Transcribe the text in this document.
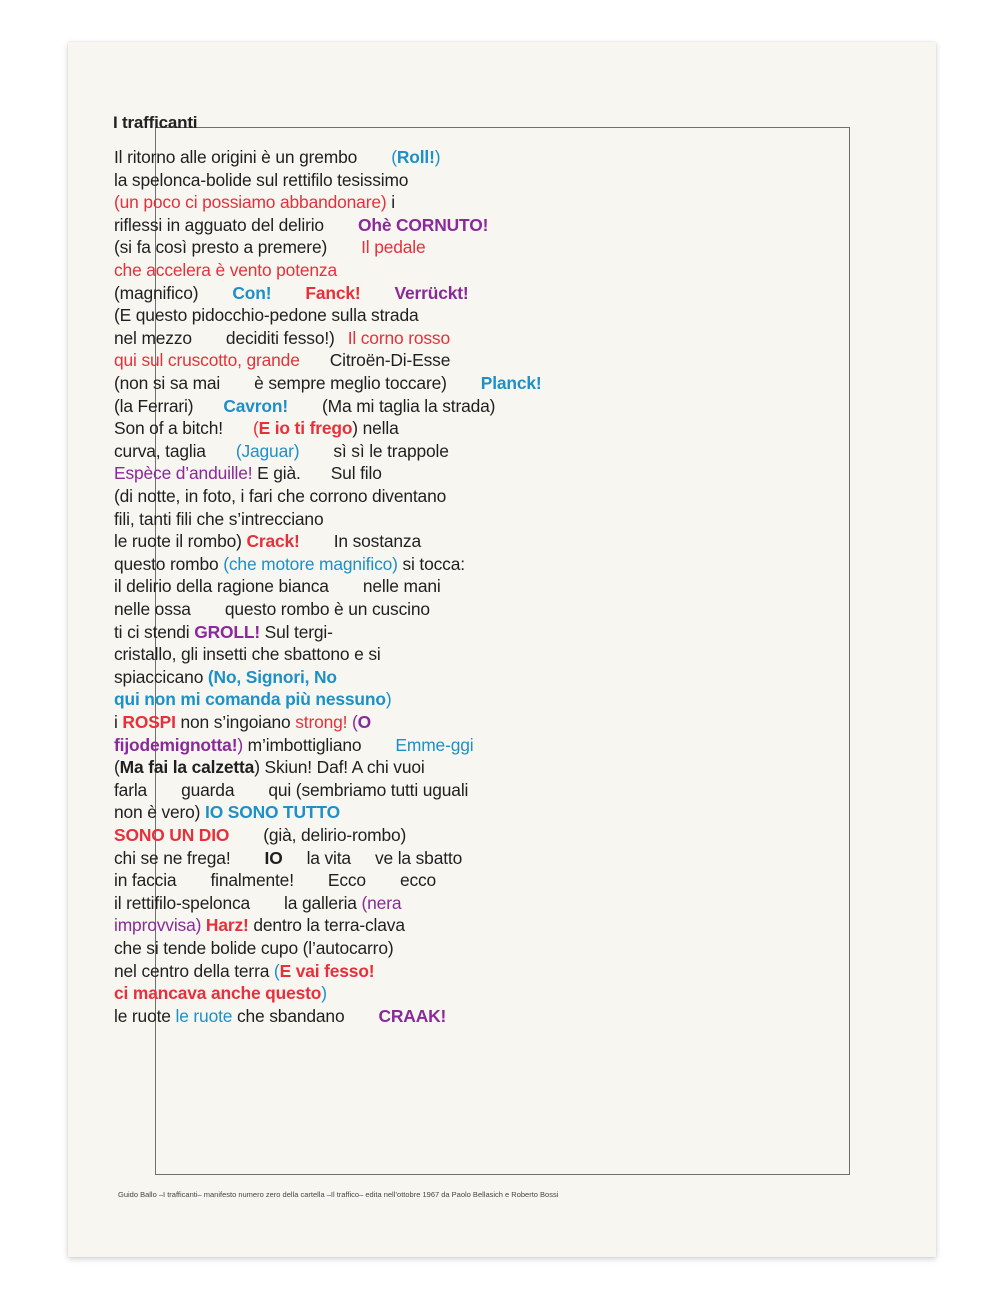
I trafficanti
Il ritorno alle origini è un grembo (Roll!)
la spelonca-bolide sul rettifilo tesissimo
(un poco ci possiamo abbandonare) i
riflessi in agguato del delirio Ohè CORNUTO!
(si fa così presto a premere) Il pedale
che accelera è vento potenza
(magnifico) Con! Fanck! Verrückt!
(E questo pidocchio-pedone sulla strada
nel mezzo deciditi fesso!) Il corno rosso
qui sul cruscotto, grande Citroën-Di-Esse
(non si sa mai è sempre meglio toccare) Planck!
(la Ferrari) Cavron! (Ma mi taglia la strada)
Son of a bitch! (E io ti frego) nella
curva, taglia (Jaguar) sì sì le trappole
Espèce d’anduille! E già. Sul filo
(di notte, in foto, i fari che corrono diventano
fili, tanti fili che s’intrecciano
le ruote il rombo) Crack! In sostanza
questo rombo (che motore magnifico) si tocca:
il delirio della ragione bianca nelle mani
nelle ossa questo rombo è un cuscino
ti ci stendi GROLL! Sul tergi-
cristallo, gli insetti che sbattono e si
spiaccicano (No, Signori, No
qui non mi comanda più nessuno)
i ROSPI non s’ingoiano strong! (O
fijodemignotta!) m’imbottigliano Emme-ggi
(Ma fai la calzetta) Skiun! Daf! A chi vuoi
farla guarda qui (sembriamo tutti uguali
non è vero) IO SONO TUTTO
SONO UN DIO (già, delirio-rombo)
chi se ne frega! IO la vita ve la sbatto
in faccia finalmente! Ecco ecco
il rettifilo-spelonca la galleria (nera
improvvisa) Harz! dentro la terra-clava
che si tende bolide cupo (l’autocarro)
nel centro della terra (E vai fesso!
ci mancava anche questo)
le ruote le ruote che sbandano CRAAK!
Guido Ballo –I trafficanti– manifesto numero zero della cartella –Il traffico– edita nell’ottobre 1967 da Paolo Bellasich e Roberto Bossi
